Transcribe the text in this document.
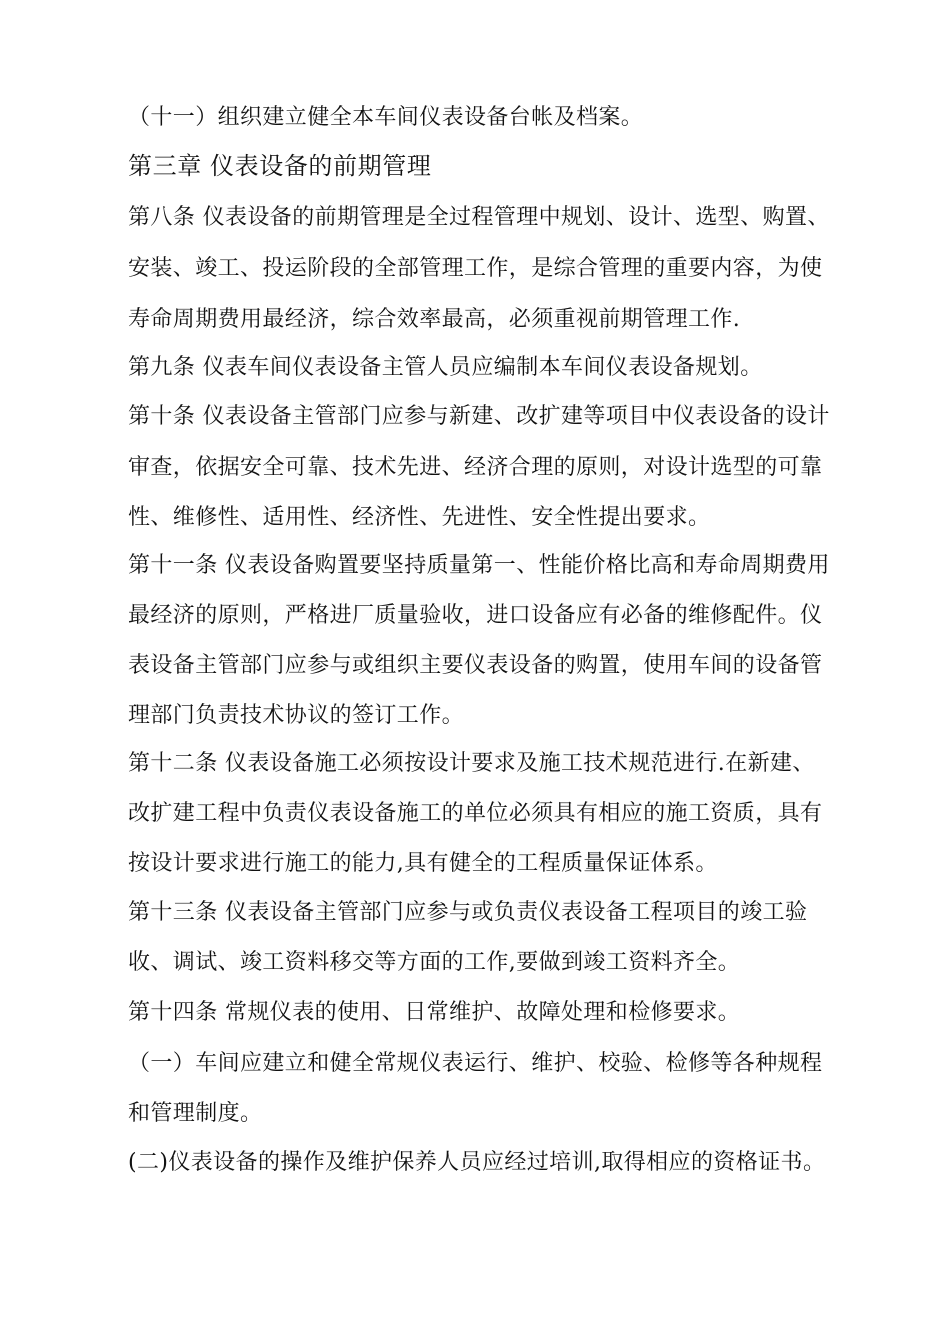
（十一）组织建立健全本车间仪表设备台帐及档案。
第三章 仪表设备的前期管理
第八条 仪表设备的前期管理是全过程管理中规划、设计、选型、购置、
安装、竣工、投运阶段的全部管理工作，是综合管理的重要内容，为使
寿命周期费用最经济，综合效率最高，必须重视前期管理工作.
第九条 仪表车间仪表设备主管人员应编制本车间仪表设备规划。
第十条 仪表设备主管部门应参与新建、改扩建等项目中仪表设备的设计
审查，依据安全可靠、技术先进、经济合理的原则，对设计选型的可靠
性、维修性、适用性、经济性、先进性、安全性提出要求。
第十一条 仪表设备购置要坚持质量第一、性能价格比高和寿命周期费用
最经济的原则，严格进厂质量验收，进口设备应有必备的维修配件。仪
表设备主管部门应参与或组织主要仪表设备的购置，使用车间的设备管
理部门负责技术协议的签订工作。
第十二条 仪表设备施工必须按设计要求及施工技术规范进行.在新建、
改扩建工程中负责仪表设备施工的单位必须具有相应的施工资质，具有
按设计要求进行施工的能力,具有健全的工程质量保证体系。
第十三条 仪表设备主管部门应参与或负责仪表设备工程项目的竣工验
收、调试、竣工资料移交等方面的工作,要做到竣工资料齐全。
第十四条 常规仪表的使用、日常维护、故障处理和检修要求。
（一）车间应建立和健全常规仪表运行、维护、校验、检修等各种规程
和管理制度。
(二)仪表设备的操作及维护保养人员应经过培训,取得相应的资格证书。
